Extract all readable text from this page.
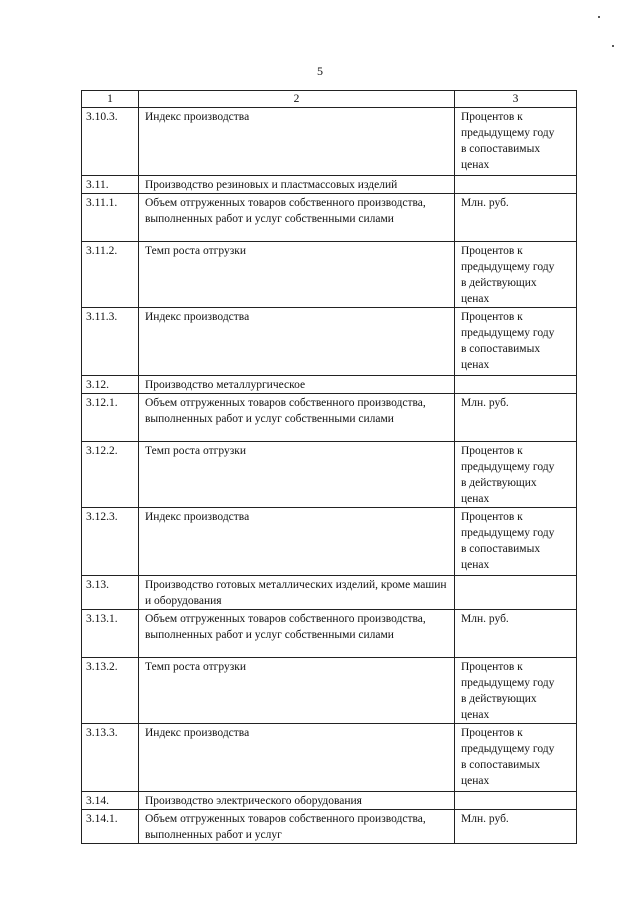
5
1	2	3
3.10.3.	Индекс производства	Процентов к
предыдущему году
в сопоставимых
ценах

3.11.	Производство резиновых и пластмассовых изделий	
3.11.1.	Объем отгруженных товаров собственного производства, выполненных работ и услуг собственными силами	Млн. руб.

3.11.2.	Темп роста отгрузки	Процентов к
предыдущему году
в действующих
ценах

3.11.3.	Индекс производства	Процентов к
предыдущему году
в сопоставимых
ценах

3.12.	Производство металлургическое	
3.12.1.	Объем отгруженных товаров собственного производства, выполненных работ и услуг собственными силами	Млн. руб.

3.12.2.	Темп роста отгрузки	Процентов к
предыдущему году
в действующих
ценах

3.12.3.	Индекс производства	Процентов к
предыдущему году
в сопоставимых
ценах

3.13.	Производство готовых металлических изделий, кроме машин и оборудования	
3.13.1.	Объем отгруженных товаров собственного производства, выполненных работ и услуг собственными силами	Млн. руб.

3.13.2.	Темп роста отгрузки	Процентов к
предыдущему году
в действующих
ценах

3.13.3.	Индекс производства	Процентов к
предыдущему году
в сопоставимых
ценах

3.14.	Производство электрического оборудования	
3.14.1.	Объем отгруженных товаров собственного производства, выполненных работ и услуг	Млн. руб.
